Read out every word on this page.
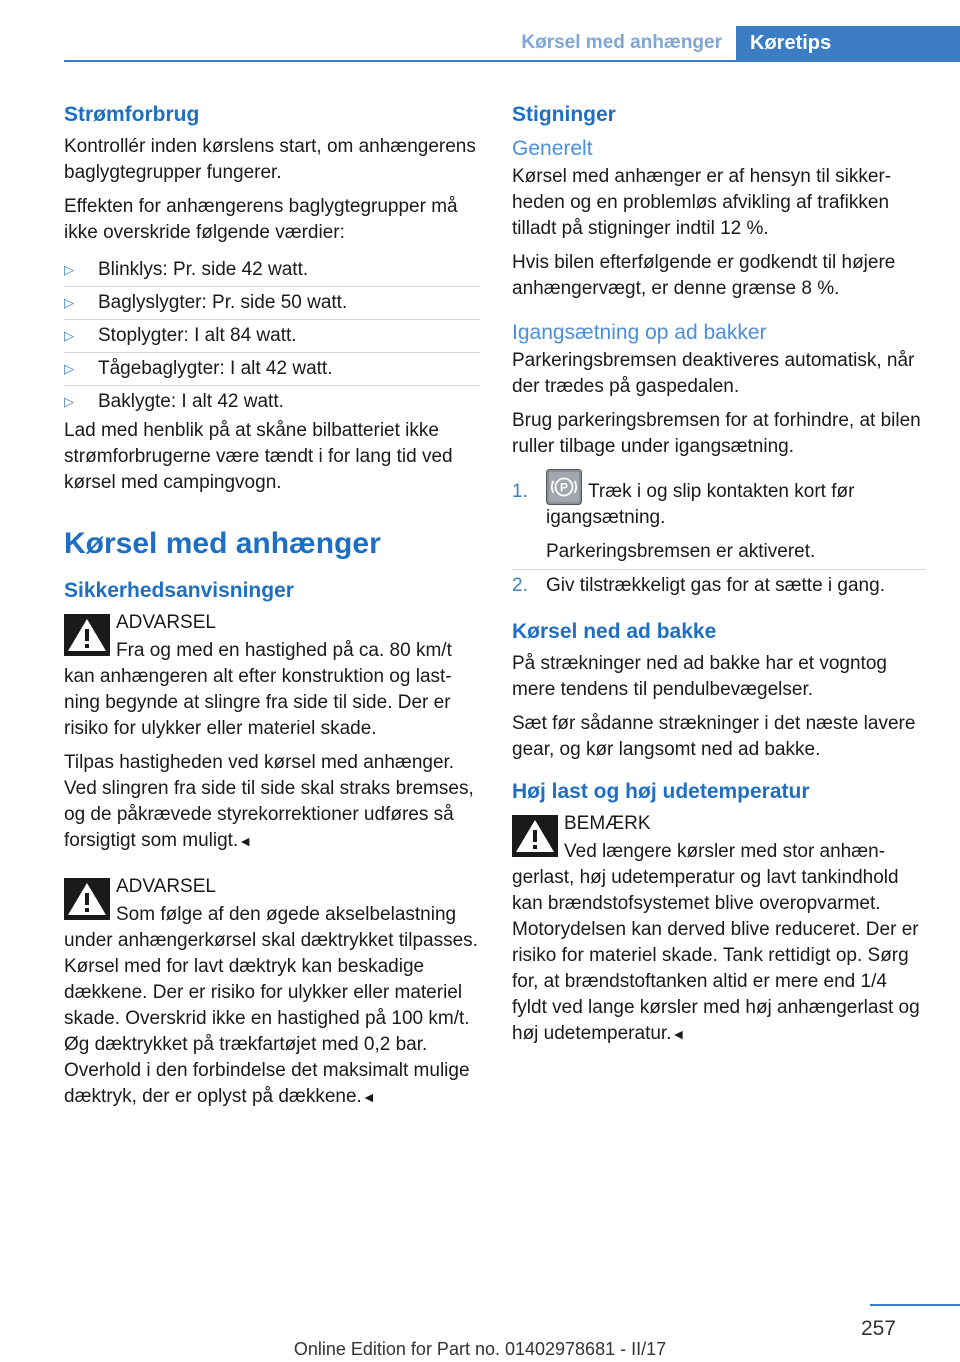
Kørsel med anhænger	Køretips
Strømforbrug

Kontrollér inden kørslens start, om anhængerens baglygtegrupper fungerer.

Effekten for anhængerens baglygtegrupper må ikke overskride følgende værdier:

▷ Blinklys: Pr. side 42 watt.
▷ Baglyslygter: Pr. side 50 watt.
▷ Stoplygter: I alt 84 watt.
▷ Tågebaglygter: I alt 42 watt.
▷ Baklygte: I alt 42 watt.

Lad med henblik på at skåne bilbatteriet ikke strømforbrugerne være tændt i for lang tid ved kørsel med campingvogn.

Kørsel med anhænger
Sikkerhedsanvisninger
ADVARSEL

Fra og med en hastighed på ca. 80 km/t kan anhængeren alt efter konstruktion og lastning begynde at slingre fra side til side. Der er risiko for ulykker eller materiel skade.

Tilpas hastigheden ved kørsel med anhænger. Ved slingren fra side til side skal straks bremses, og de påkrævede styrekorrektioner udføres så forsigtigt som muligt.◄

ADVARSEL

Som følge af den øgede akselbelastning under anhængerkørsel skal dæktrykket tilpasses. Kørsel med for lavt dæktryk kan beskadige dækkene. Der er risiko for ulykker eller materiel skade. Overskrid ikke en hastighed på 100 km/t. Øg dæktrykket på trækfartøjet med 0,2 bar. Overhold i den forbindelse det maksimalt mulige dæktryk, der er oplyst på dækkene.◄

Stigninger
Generelt

Kørsel med anhænger er af hensyn til sikkerheden og en problemløs afvikling af trafikken tilladt på stigninger indtil 12 %.

Hvis bilen efterfølgende er godkendt til højere anhængervægt, er denne grænse 8 %.

Igangsætning op ad bakker

Parkeringsbremsen deaktiveres automatisk, når der trædes på gaspedalen.

Brug parkeringsbremsen for at forhindre, at bilen ruller tilbage under igangsætning.

1.	P Træk i og slip kontakten kort før igangsætning.
Parkeringsbremsen er aktiveret.
2. Giv tilstrækkeligt gas for at sætte i gang.
Kørsel ned ad bakke

På strækninger ned ad bakke har et vogntog mere tendens til pendulbevægelser.

Sæt før sådanne strækninger i det næste lavere gear, og kør langsomt ned ad bakke.

Høj last og høj udetemperatur
BEMÆRK

Ved længere kørsler med stor anhængerlast, høj udetemperatur og lavt tankindhold kan brændstofsystemet blive overopvarmet. Motorydelsen kan derved blive reduceret. Der er risiko for materiel skade. Tank rettidigt op. Sørg for, at brændstoftanken altid er mere end 1/4 fyldt ved lange kørsler med høj anhængerlast og høj udetemperatur.◄

257
Online Edition for Part no. 01402978681 - II/17
